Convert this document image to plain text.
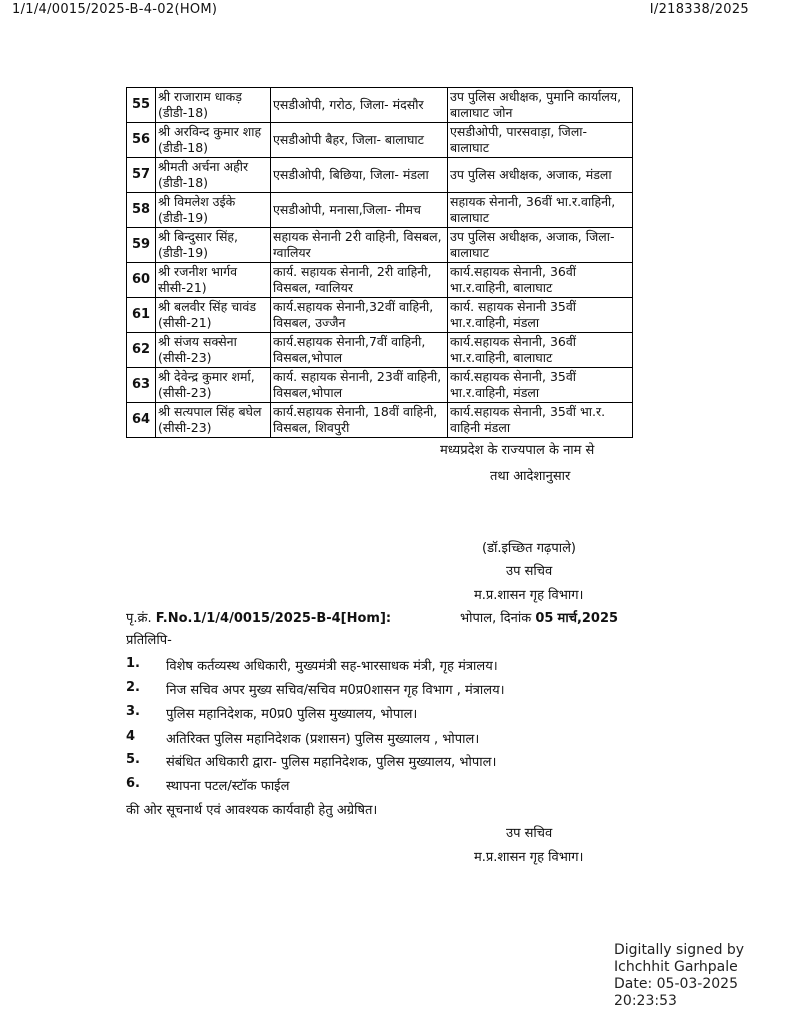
1/1/4/0015/2025-B-4-02(HOM)	I/218338/2025
55	श्री राजाराम धाकड़ (डीडी-18)	एसडीओपी, गरोठ, जिला- मंदसौर	उप पुलिस अधीक्षक, पुमानि कार्यालय, बालाघाट जोन
56	श्री अरविन्द कुमार शाह (डीडी-18)	एसडीओपी बैहर, जिला- बालाघाट	एसडीओपी, पारसवाड़ा, जिला- बालाघाट
57	श्रीमती अर्चना अहीर (डीडी-18)	एसडीओपी, बिछिया, जिला- मंडला	उप पुलिस अधीक्षक, अजाक, मंडला
58	श्री विमलेश उईके (डीडी-19)	एसडीओपी, मनासा,जिला- नीमच	सहायक सेनानी, 36वीं भा.र.वाहिनी, बालाघाट
59	श्री बिन्दुसार सिंह, (डीडी-19)	सहायक सेनानी 2री वाहिनी, विसबल, ग्वालियर	उप पुलिस अधीक्षक, अजाक, जिला-बालाघाट
60	श्री रजनीश भार्गव सीसी-21)	कार्य. सहायक सेनानी, 2री वाहिनी, विसबल, ग्वालियर	कार्य.सहायक सेनानी, 36वीं भा.र.वाहिनी, बालाघाट
61	श्री बलवीर सिंह चावंड (सीसी-21)	कार्य.सहायक सेनानी,32वीं वाहिनी, विसबल, उज्जैन	कार्य. सहायक सेनानी 35वीं भा.र.वाहिनी, मंडला
62	श्री संजय सक्सेना (सीसी-23)	कार्य.सहायक सेनानी,7वीं वाहिनी, विसबल,भोपाल	कार्य.सहायक सेनानी, 36वीं भा.र.वाहिनी, बालाघाट
63	श्री देवेन्द्र कुमार शर्मा, (सीसी-23)	कार्य. सहायक सेनानी, 23वीं वाहिनी, विसबल,भोपाल	कार्य.सहायक सेनानी, 35वीं भा.र.वाहिनी, मंडला
64	श्री सत्यपाल सिंह बघेल (सीसी-23)	कार्य.सहायक सेनानी, 18वीं वाहिनी, विसबल, शिवपुरी	कार्य.सहायक सेनानी, 35वीं भा.र. वाहिनी मंडला
मध्यप्रदेश के राज्यपाल के नाम से
तथा आदेशानुसार
(डॉ.इच्छित गढ़पाले)
उप सचिव
म.प्र.शासन गृह विभाग।
पृ.क्रं. F.No.1/1/4/0015/2025-B-4[Hom]:	भोपाल, दिनांक 05 मार्च,2025
प्रतिलिपि-
1. विशेष कर्तव्यस्थ अधिकारी, मुख्यमंत्री सह-भारसाधक मंत्री, गृह मंत्रालय।
2. निज सचिव अपर मुख्य सचिव/सचिव म0प्र0शासन गृह विभाग , मंत्रालय।
3. पुलिस महानिदेशक, म0प्र0 पुलिस मुख्यालय, भोपाल।
4 अतिरिक्त पुलिस महानिदेशक (प्रशासन) पुलिस मुख्यालय , भोपाल।
5. संबंधित अधिकारी द्वारा- पुलिस महानिदेशक, पुलिस मुख्यालय, भोपाल।
6. स्थापना पटल/स्टॉक फाईल
की ओर सूचनार्थ एवं आवश्यक कार्यवाही हेतु अग्रेषित।
उप सचिव
म.प्र.शासन गृह विभाग।
Digitally signed by
Ichchhit Garhpale
Date: 05-03-2025
20:23:53
